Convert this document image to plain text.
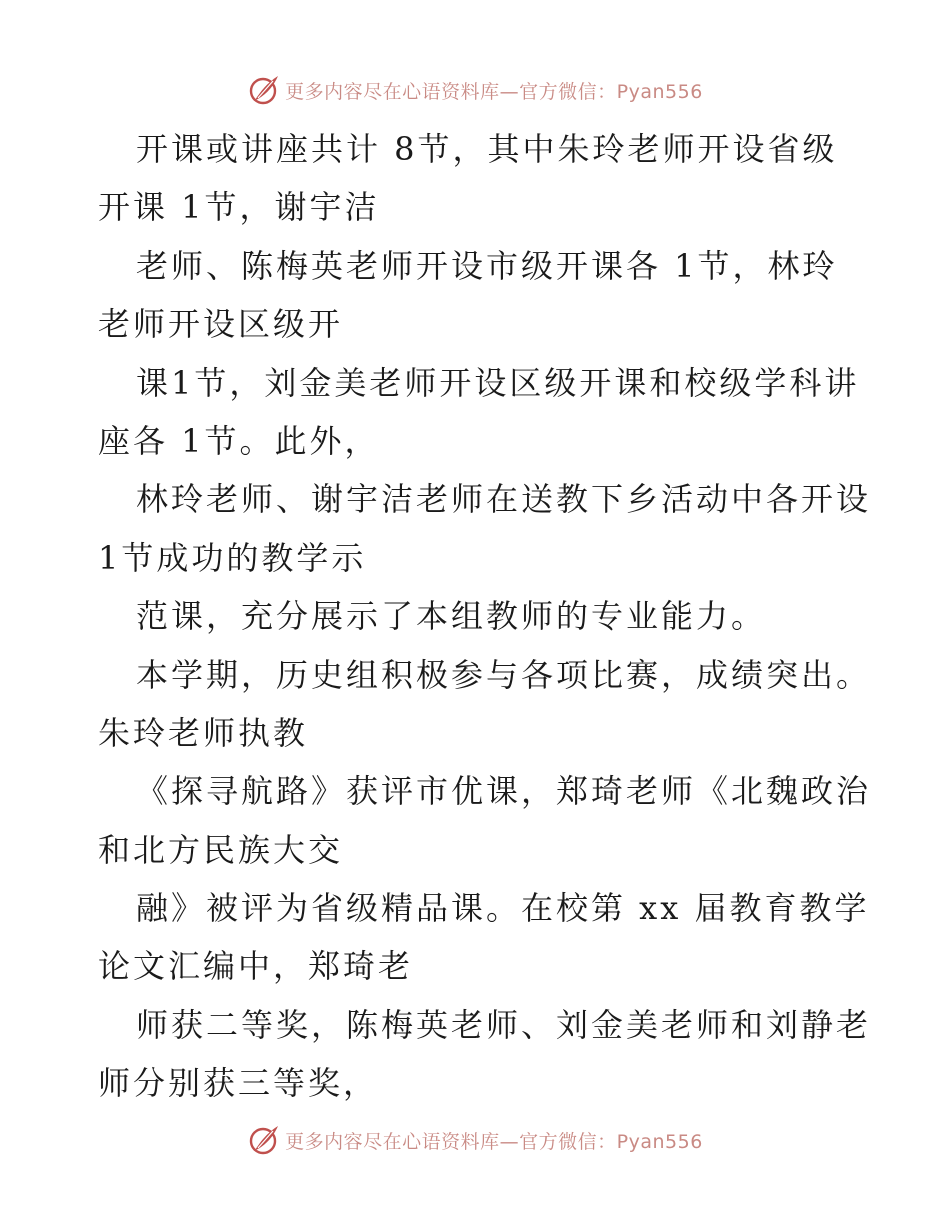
更多内容尽在心语资料库—官方微信：Pyan556
开课或讲座共计 8节，其中朱玲老师开设省级
开课 1节，谢宇洁
老师、陈梅英老师开设市级开课各 1节，林玲
老师开设区级开
课1节，刘金美老师开设区级开课和校级学科讲
座各 1节。此外，
林玲老师、谢宇洁老师在送教下乡活动中各开设
1节成功的教学示
范课，充分展示了本组教师的专业能力。
本学期，历史组积极参与各项比赛，成绩突出。
朱玲老师执教
《探寻航路》获评市优课，郑琦老师《北魏政治
和北方民族大交
融》被评为省级精品课。在校第 xx 届教育教学
论文汇编中，郑琦老
师获二等奖，陈梅英老师、刘金美老师和刘静老
师分别获三等奖，
更多内容尽在心语资料库—官方微信：Pyan556
